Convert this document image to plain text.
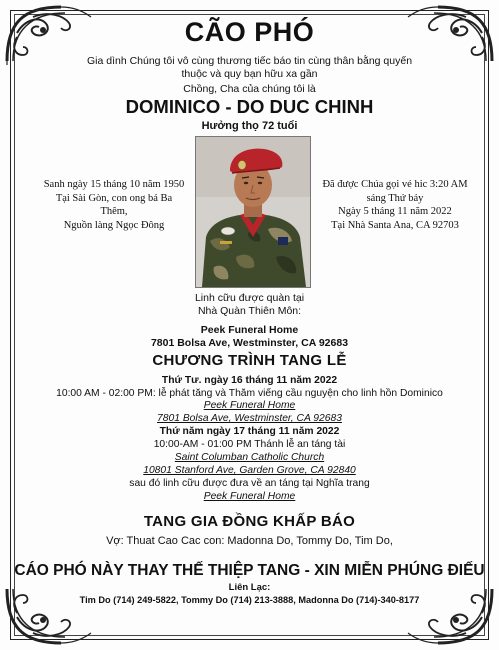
CÃO PHÓ
Gia dình Chúng tôi vô cùng thương tiếc báo tin cùng thân bằng quyến thuộc và quy bạn hữu xa gần
Chồng, Cha của chúng tôi là
DOMINICO - DO DUC CHINH
Hưởng thọ 72 tuổi
Sanh ngày 15 tháng 10 năm 1950
Tại Sài Gòn, con ong bá Ba
Thêm,
Nguồn làng Ngọc Đông
Đã được Chúa gọi vé hic 3:20 AM
sáng Thứ bảy
Ngày 5 tháng 11 năm 2022
Tại Nhà Santa Ana, CA 92703
Linh cữu được quàn tại
Nhà Quàn Thiên Môn:
Peek Funeral Home
7801 Bolsa Ave, Westminster, CA 92683
CHƯƠNG TRÌNH TANG LỄ
Thứ Tư. ngày 16 tháng 11 năm 2022
10:00 AM - 02:00 PM: lễ phát tăng và Thăm viếng cầu nguyện cho linh hồn Dominico
Peek Funeral Home
7801 Bolsa Ave, Westminster, CA 92683
Thứ năm ngày 17 tháng 11 năm 2022
10:00-AM - 01:00 PM Thánh lễ an táng tài
Saint Columban Catholic Church
10801 Stanford Ave, Garden Grove, CA 92840
sau đó linh cữu được đưa về an táng tại Nghĩa trang
Peek Funeral Home
TANG GIA ĐỒNG KHẤP BÁO
Vợ: Thuat Cao Cac con: Madonna Do, Tommy Do, Tim Do,
CÁO PHÓ NÀY THAY THẾ THIỆP TANG - XIN MIỄN PHÚNG ĐIẾU
Liên Lạc:
Tim Do (714) 249-5822, Tommy Do (714) 213-3888, Madonna Do (714)-340-8177
